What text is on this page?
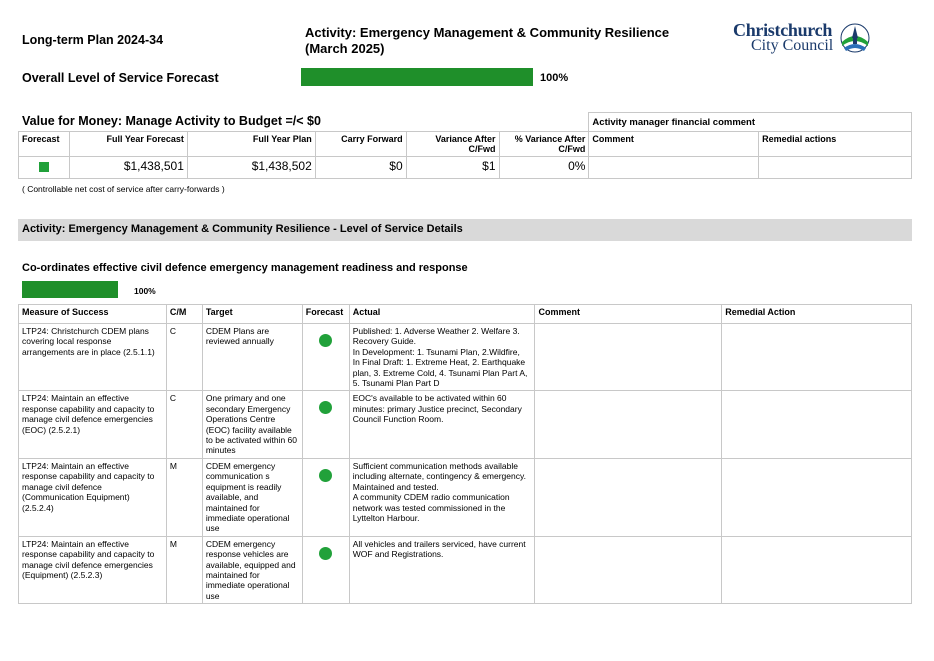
Long-term Plan 2024-34	Activity: Emergency Management & Community Resilience
(March 2025)
Christchurch
City Council
Overall Level of Service Forecast	100%
Value for Money: Manage Activity to Budget =/< $0
						Activity manager financial comment	
Forecast	Full Year Forecast	Full Year Plan	Carry Forward	Variance After C/Fwd	% Variance After C/Fwd	Comment	Remedial actions
	$1,438,501	$1,438,502	$0	$1	0%		
( Controllable net cost of service after carry-forwards )
Activity: Emergency Management & Community Resilience - Level of Service Details
Co-ordinates effective civil defence emergency management readiness and response
100%
Measure of Success	C/M	Target	Forecast	Actual	Comment	Remedial Action
LTP24: Christchurch CDEM plans covering local response arrangements are in place (2.5.1.1)	C	CDEM Plans are reviewed annually		Published: 1. Adverse Weather 2. Welfare 3. Recovery Guide.
In Development: 1. Tsunami Plan, 2.Wildfire,
In Final Draft: 1. Extreme Heat, 2. Earthquake plan, 3. Extreme Cold, 4. Tsunami Plan Part A, 5. Tsunami Plan Part D		
LTP24: Maintain an effective response capability and capacity to manage civil defence emergencies (EOC) (2.5.2.1)	C	One primary and one secondary Emergency Operations Centre (EOC) facility available to be activated within 60 minutes		EOC's available to be activated within 60 minutes: primary Justice precinct, Secondary Council Function Room.		
LTP24: Maintain an effective response capability and capacity to manage civil defence (Communication Equipment) (2.5.2.4)	M	CDEM emergency communication s equipment is readily available, and maintained for immediate operational use		Sufficient communication methods available including alternate, contingency & emergency. Maintained and tested.
A community CDEM radio communication network was tested commissioned in the Lyttelton Harbour.		
LTP24: Maintain an effective response capability and capacity to manage civil defence emergencies (Equipment) (2.5.2.3)	M	CDEM emergency response vehicles are available, equipped and maintained for immediate operational use		All vehicles and trailers serviced, have current WOF and Registrations.		
